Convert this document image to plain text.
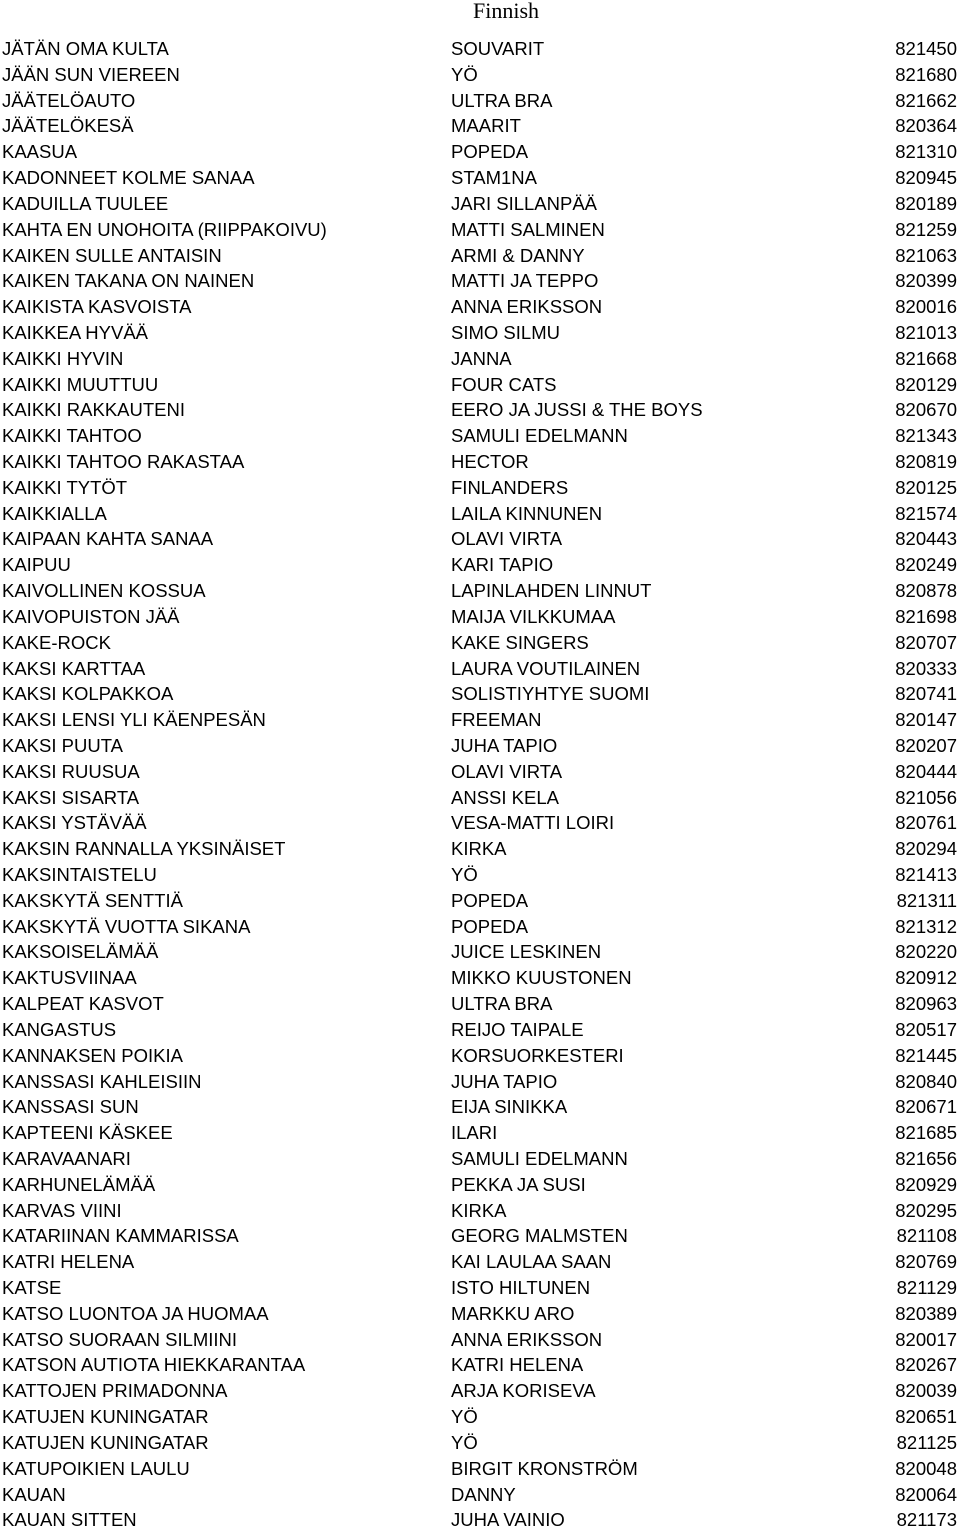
Finnish
JÄTÄN OMA KULTA	SOUVARIT	821450
JÄÄN SUN VIEREEN	YÖ	821680
JÄÄTELÖAUTO	ULTRA BRA	821662
JÄÄTELÖKESÄ	MAARIT	820364
KAASUA	POPEDA	821310
KADONNEET KOLME SANAA	STAM1NA	820945
KADUILLA TUULEE	JARI SILLANPÄÄ	820189
KAHTA EN UNOHOITA (RIIPPAKOIVU)	MATTI SALMINEN	821259
KAIKEN SULLE ANTAISIN	ARMI & DANNY	821063
KAIKEN TAKANA ON NAINEN	MATTI JA TEPPO	820399
KAIKISTA KASVOISTA	ANNA ERIKSSON	820016
KAIKKEA HYVÄÄ	SIMO SILMU	821013
KAIKKI HYVIN	JANNA	821668
KAIKKI MUUTTUU	FOUR CATS	820129
KAIKKI RAKKAUTENI	EERO JA JUSSI & THE BOYS	820670
KAIKKI TAHTOO	SAMULI EDELMANN	821343
KAIKKI TAHTOO RAKASTAA	HECTOR	820819
KAIKKI TYTÖT	FINLANDERS	820125
KAIKKIALLA	LAILA KINNUNEN	821574
KAIPAAN KAHTA SANAA	OLAVI VIRTA	820443
KAIPUU	KARI TAPIO	820249
KAIVOLLINEN KOSSUA	LAPINLAHDEN LINNUT	820878
KAIVOPUISTON JÄÄ	MAIJA VILKKUMAA	821698
KAKE-ROCK	KAKE SINGERS	820707
KAKSI KARTTAA	LAURA VOUTILAINEN	820333
KAKSI KOLPAKKOA	SOLISTIYHTYE SUOMI	820741
KAKSI LENSI YLI KÄENPESÄN	FREEMAN	820147
KAKSI PUUTA	JUHA TAPIO	820207
KAKSI RUUSUA	OLAVI VIRTA	820444
KAKSI SISARTA	ANSSI KELA	821056
KAKSI YSTÄVÄÄ	VESA-MATTI LOIRI	820761
KAKSIN RANNALLA YKSINÄISET	KIRKA	820294
KAKSINTAISTELU	YÖ	821413
KAKSKYTÄ SENTTIÄ	POPEDA	821311
KAKSKYTÄ VUOTTA SIKANA	POPEDA	821312
KAKSOISELÄMÄÄ	JUICE LESKINEN	820220
KAKTUSVIINAA	MIKKO KUUSTONEN	820912
KALPEAT KASVOT	ULTRA BRA	820963
KANGASTUS	REIJO TAIPALE	820517
KANNAKSEN POIKIA	KORSUORKESTERI	821445
KANSSASI KAHLEISIIN	JUHA TAPIO	820840
KANSSASI SUN	EIJA SINIKKA	820671
KAPTEENI KÄSKEE	ILARI	821685
KARAVAANARI	SAMULI EDELMANN	821656
KARHUNELÄMÄÄ	PEKKA JA SUSI	820929
KARVAS VIINI	KIRKA	820295
KATARIINAN KAMMARISSA	GEORG MALMSTEN	821108
KATRI HELENA	KAI LAULAA SAAN	820769
KATSE	ISTO HILTUNEN	821129
KATSO LUONTOA JA HUOMAA	MARKKU ARO	820389
KATSO SUORAAN SILMIINI	ANNA ERIKSSON	820017
KATSON AUTIOTA HIEKKARANTAA	KATRI HELENA	820267
KATTOJEN PRIMADONNA	ARJA KORISEVA	820039
KATUJEN KUNINGATAR	YÖ	820651
KATUJEN KUNINGATAR	YÖ	821125
KATUPOIKIEN LAULU	BIRGIT KRONSTRÖM	820048
KAUAN	DANNY	820064
KAUAN SITTEN	JUHA VAINIO	821173
